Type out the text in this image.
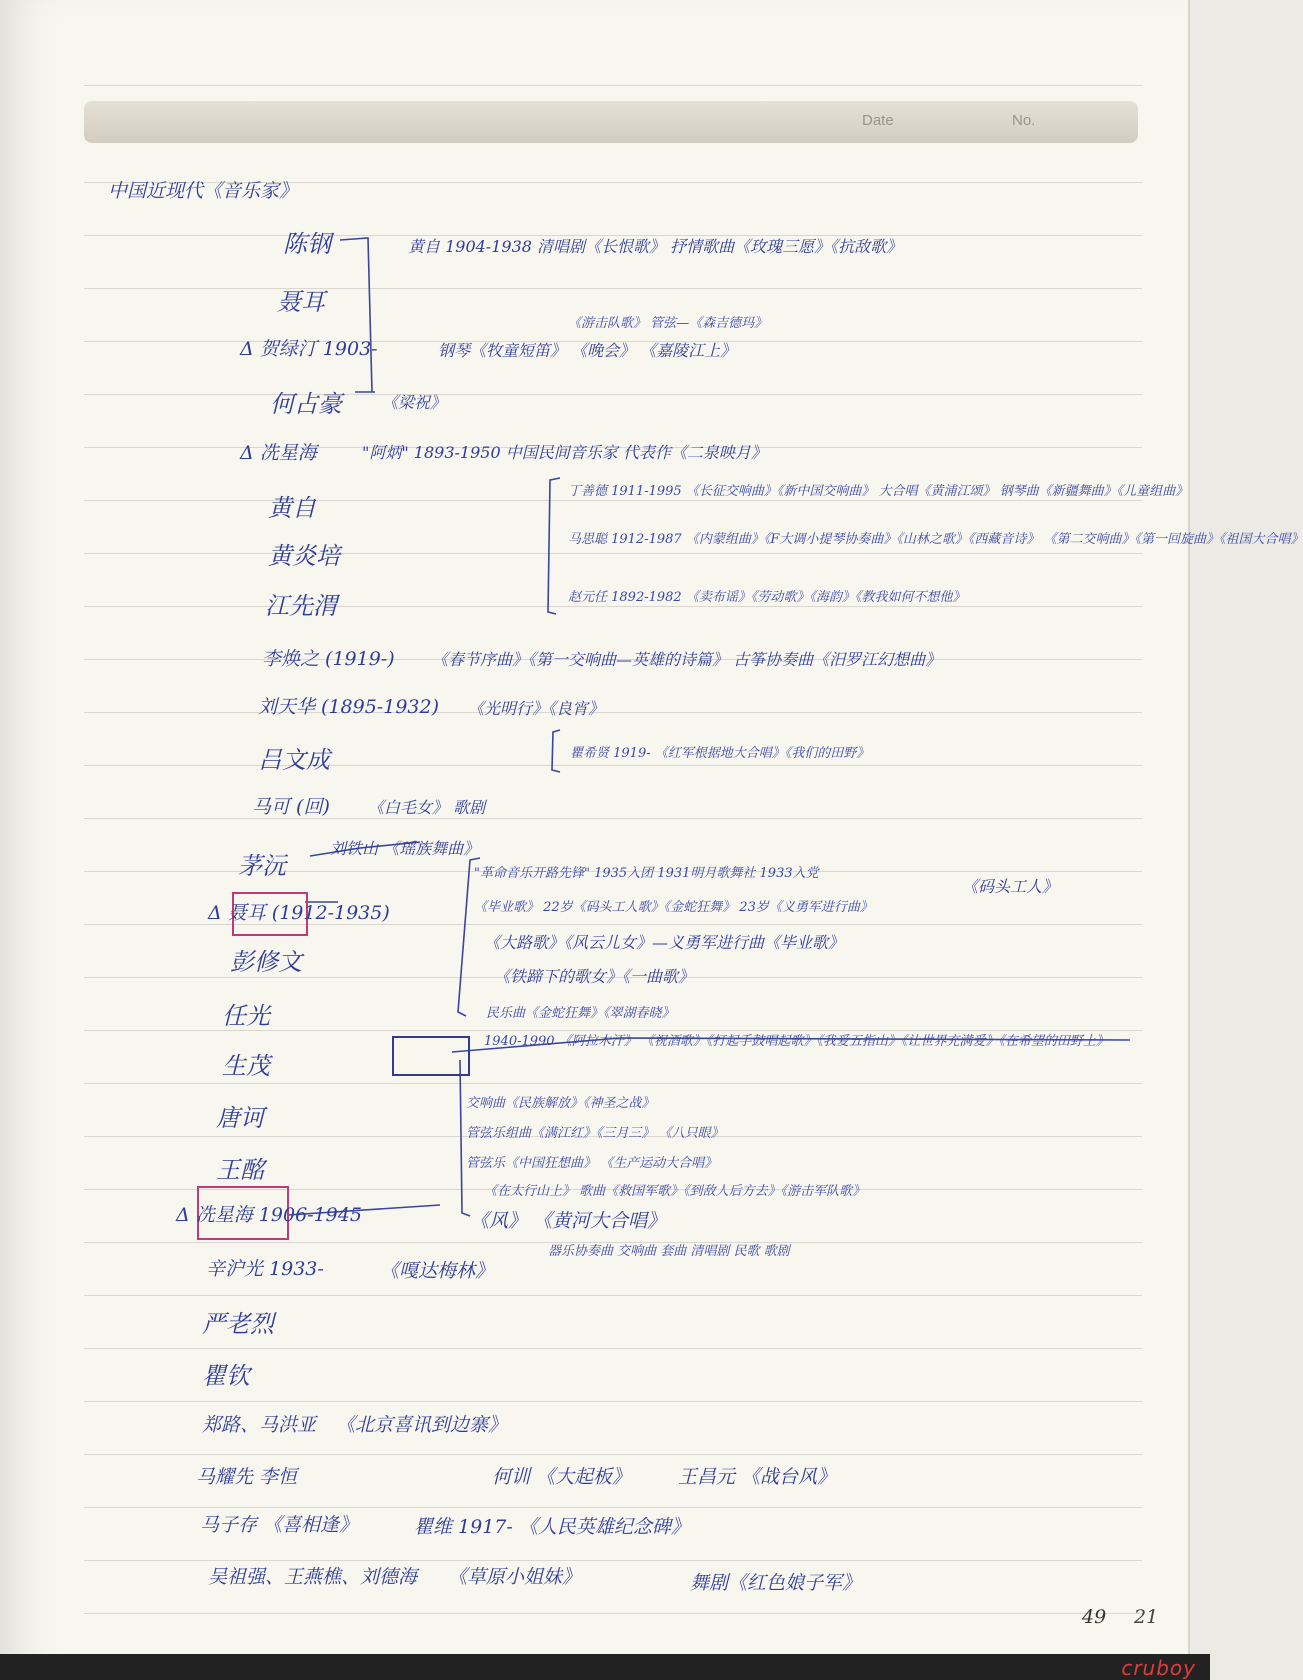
Date	No.
中国近现代《音乐家》
陈钢	黄自 1904-1938 清唱剧《长恨歌》 抒情歌曲《玫瑰三愿》《抗敌歌》
聂耳
《游击队歌》 管弦—《森吉德玛》
Δ 贺绿汀 1903-	钢琴《牧童短笛》 《晚会》 《嘉陵江上》
何占豪	《梁祝》
Δ 冼星海	"阿炳" 1893-1950 中国民间音乐家 代表作《二泉映月》
黄自
黄炎培
江先渭
丁善德 1911-1995 《长征交响曲》《新中国交响曲》 大合唱《黄浦江颂》 钢琴曲《新疆舞曲》《儿童组曲》
马思聪 1912-1987 《内蒙组曲》《F大调小提琴协奏曲》《山林之歌》《西藏音诗》 《第二交响曲》《第一回旋曲》《祖国大合唱》
赵元任 1892-1982 《卖布谣》《劳动歌》《海韵》《教我如何不想他》
李焕之 (1919-) 《春节序曲》《第一交响曲—英雄的诗篇》 古筝协奏曲《汨罗江幻想曲》
刘天华 (1895-1932) 《光明行》《良宵》
吕文成	瞿希贤 1919- 《红军根据地大合唱》《我们的田野》
马可 (回) 《白毛女》 歌剧
茅沅
刘铁山 《瑶族舞曲》
Δ 聂耳 (1912-1935)
"革命音乐开路先锋" 1935入团 1931明月歌舞社 1933入党
《毕业歌》 22岁《码头工人歌》《金蛇狂舞》 23岁《义勇军进行曲》
《码头工人》
《大路歌》《风云儿女》—义勇军进行曲《毕业歌》
《铁蹄下的歌女》《一曲歌》
民乐曲《金蛇狂舞》《翠湖春晓》
彭修文
任光
生茂
1940-1990 《阿拉木汗》 《祝酒歌》《打起手鼓唱起歌》《我爱五指山》《让世界充满爱》《在希望的田野上》
唐诃
交响曲《民族解放》《神圣之战》
管弦乐组曲《满江红》《三月三》 《八只眼》
王酩	管弦乐《中国狂想曲》 《生产运动大合唱》
《在太行山上》 歌曲《救国军歌》《到敌人后方去》《游击军队歌》
Δ 冼星海 1906-1945	《风》 《黄河大合唱》
器乐协奏曲 交响曲 套曲 清唱剧 民歌 歌剧
辛沪光 1933-	《嘎达梅林》
严老烈
瞿钦
郑路、马洪亚 《北京喜讯到边寨》
马耀先 李恒	何训 《大起板》 王昌元 《战台风》
马子存 《喜相逢》	瞿维 1917- 《人民英雄纪念碑》
吴祖强、王燕樵、刘德海 《草原小姐妹》	舞剧《红色娘子军》
49 21
cruboy
